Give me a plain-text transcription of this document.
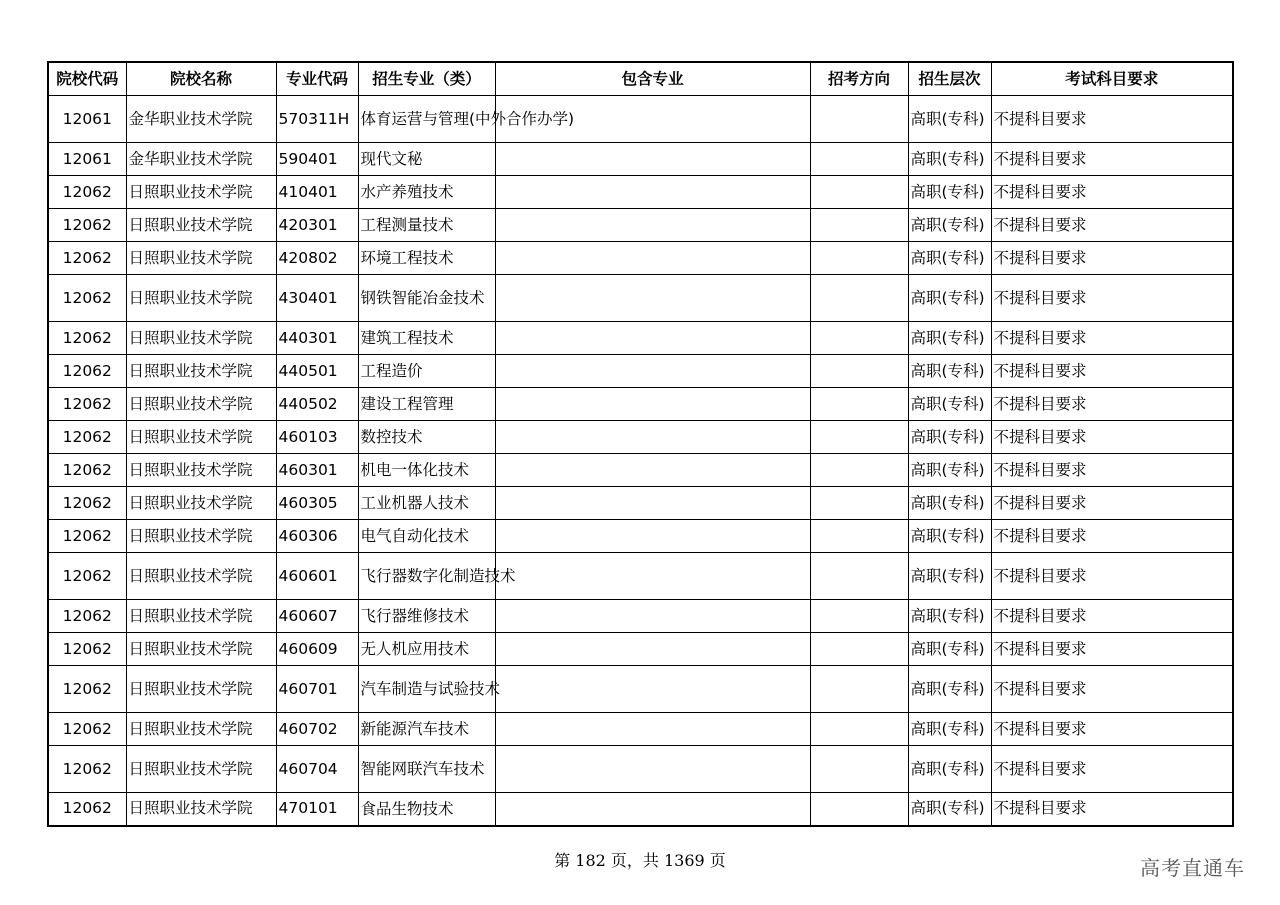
院校代码	院校名称	专业代码	招生专业（类）	包含专业	招考方向	招生层次	考试科目要求
12061	金华职业技术学院	570311H	体育运营与管理(中外合作办学)			高职(专科)	不提科目要求
12061	金华职业技术学院	590401	现代文秘			高职(专科)	不提科目要求
12062	日照职业技术学院	410401	水产养殖技术			高职(专科)	不提科目要求
12062	日照职业技术学院	420301	工程测量技术			高职(专科)	不提科目要求
12062	日照职业技术学院	420802	环境工程技术			高职(专科)	不提科目要求
12062	日照职业技术学院	430401	钢铁智能冶金技术			高职(专科)	不提科目要求
12062	日照职业技术学院	440301	建筑工程技术			高职(专科)	不提科目要求
12062	日照职业技术学院	440501	工程造价			高职(专科)	不提科目要求
12062	日照职业技术学院	440502	建设工程管理			高职(专科)	不提科目要求
12062	日照职业技术学院	460103	数控技术			高职(专科)	不提科目要求
12062	日照职业技术学院	460301	机电一体化技术			高职(专科)	不提科目要求
12062	日照职业技术学院	460305	工业机器人技术			高职(专科)	不提科目要求
12062	日照职业技术学院	460306	电气自动化技术			高职(专科)	不提科目要求
12062	日照职业技术学院	460601	飞行器数字化制造技术			高职(专科)	不提科目要求
12062	日照职业技术学院	460607	飞行器维修技术			高职(专科)	不提科目要求
12062	日照职业技术学院	460609	无人机应用技术			高职(专科)	不提科目要求
12062	日照职业技术学院	460701	汽车制造与试验技术			高职(专科)	不提科目要求
12062	日照职业技术学院	460702	新能源汽车技术			高职(专科)	不提科目要求
12062	日照职业技术学院	460704	智能网联汽车技术			高职(专科)	不提科目要求
12062	日照职业技术学院	470101	食品生物技术			高职(专科)	不提科目要求
第 182 页，共 1369 页	高考直通车
